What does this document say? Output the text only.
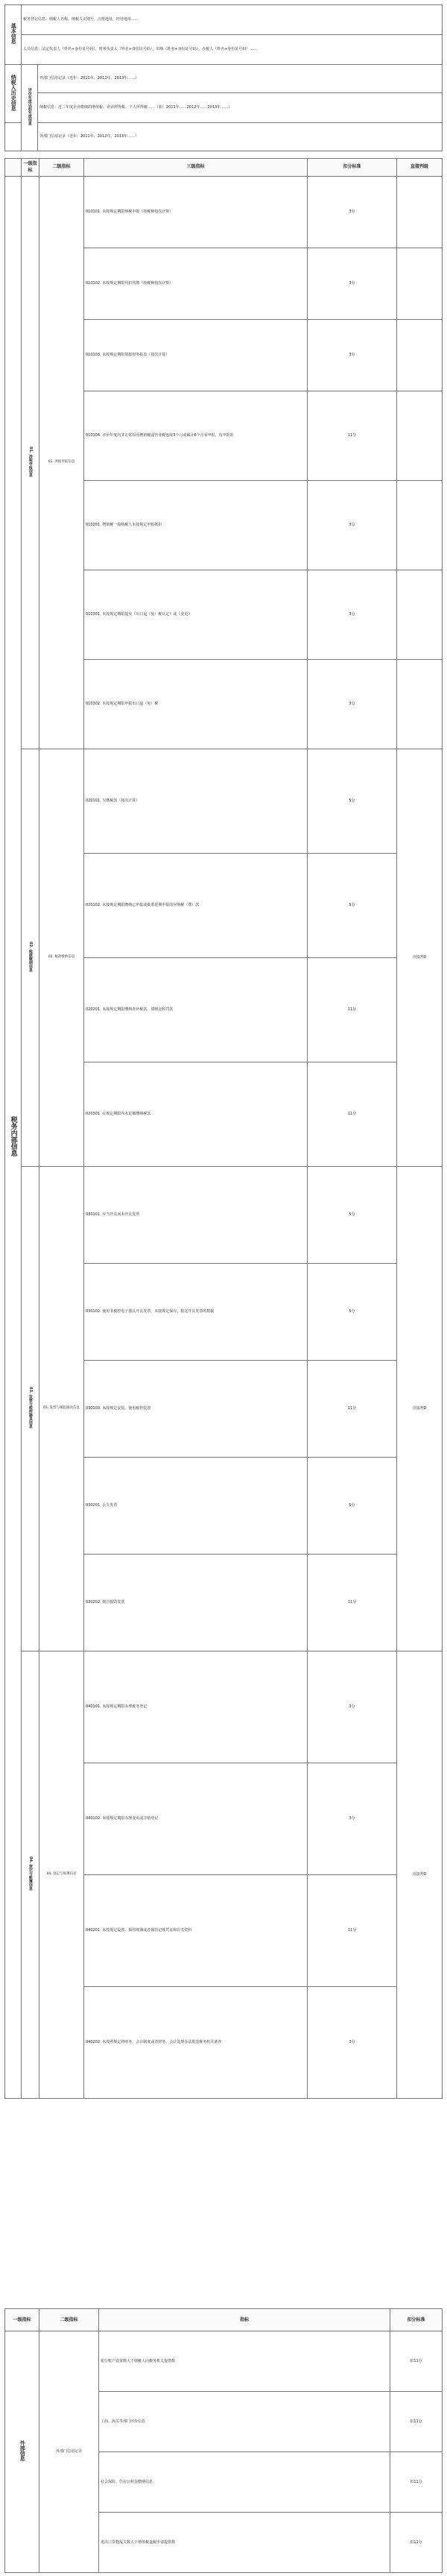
基本信息	税务登记信息：纳税人名称，纳税人识别号，注册地址，经营地址……	
	人员信息：法定代表人（姓名+身份证号码），财务负责人（姓名+身份证号码），出纳（姓名+身份证号码），办税人（姓名+身份证号码）……	
纳税人历史信息	评价年度以前年度信息	外部门信用记录（近年：2011年、2012年、2013年……）
		纳税信息：近三年度企业缴纳的增值税、企业所得税、个人所得税……（如：2011年……2012年……2013年……）
		外部门信用记录（近年：2011年、2012年、2013年……）
	一级指标	二级指标	三级指标	扣分标准	直接判级
税务内部信息	01. 涉税申报信息	01. 涉税申报信息	010101. 未按规定期限纳税申报（按税种按次计算）	3分	
			010102. 未按规定期限代扣代缴（按税种按次计算）	3分	
			010103. 未按规定期限填报财务报表（按次计算）	3分	
			010104. 评价年度内非正常原因增值税或营业税连续3个月或累计6个月零申报、负申报的	11分	
			010201. 增值税一般纳税人未按规定申报抵扣	3分	
			010301. 未按规定期限提交《出口退（免）税认定》或《变更》	3分	
			010302. 未按规定期限申报出口退（免）税	3分	
	02. 税款缴纳信息	02. 税款缴纳信息	020101. 欠缴税款（按次计算）	5分	直接判D
			020102. 未按规定期限缴纳已申报或批准延期申报的应纳税（费）款	5分	
			020201. 未按规定期限缴纳查补税款、滞纳金和罚款	11分	
			020301. 在规定期限内未足额缴纳税款	11分	
	03. 发票与税控器具信息	03. 发票与税控器具信息	030101. 应当开具而未开具发票	5分	直接判D
			030102. 使用非税控电子器具开具发票，未按规定保存、报送开具发票的数据	5分	
			030103. 未按规定安装、使用税控装置	11分	
			030201. 丢失发票	5分	
			030202. 擅自损毁发票	11分	
	04. 登记与账簿信息	04. 登记与账簿信息	040101. 未按规定期限办理税务登记	3分	直接判D
			040102. 未按规定期限办理变更或注销登记	3分	
			040201. 未按规定设置、保管账簿或者保管记账凭证和有关资料	11分	
			040202. 未按照规定将财务、会计制度或者财务、会计处理办法报送税务机关备查	3分	
一级指标	二级指标	指标	扣分标准
外部信息	外部门信用记录	银行账户设置数大于纳税人向税务机关提供数	扣11分
		工商、海关等部门评价信息	扣11分
		社会保险、住房公积金缴纳信息	扣11分
		进出口货物报关数大于增值税退税申请提供数	扣11分
